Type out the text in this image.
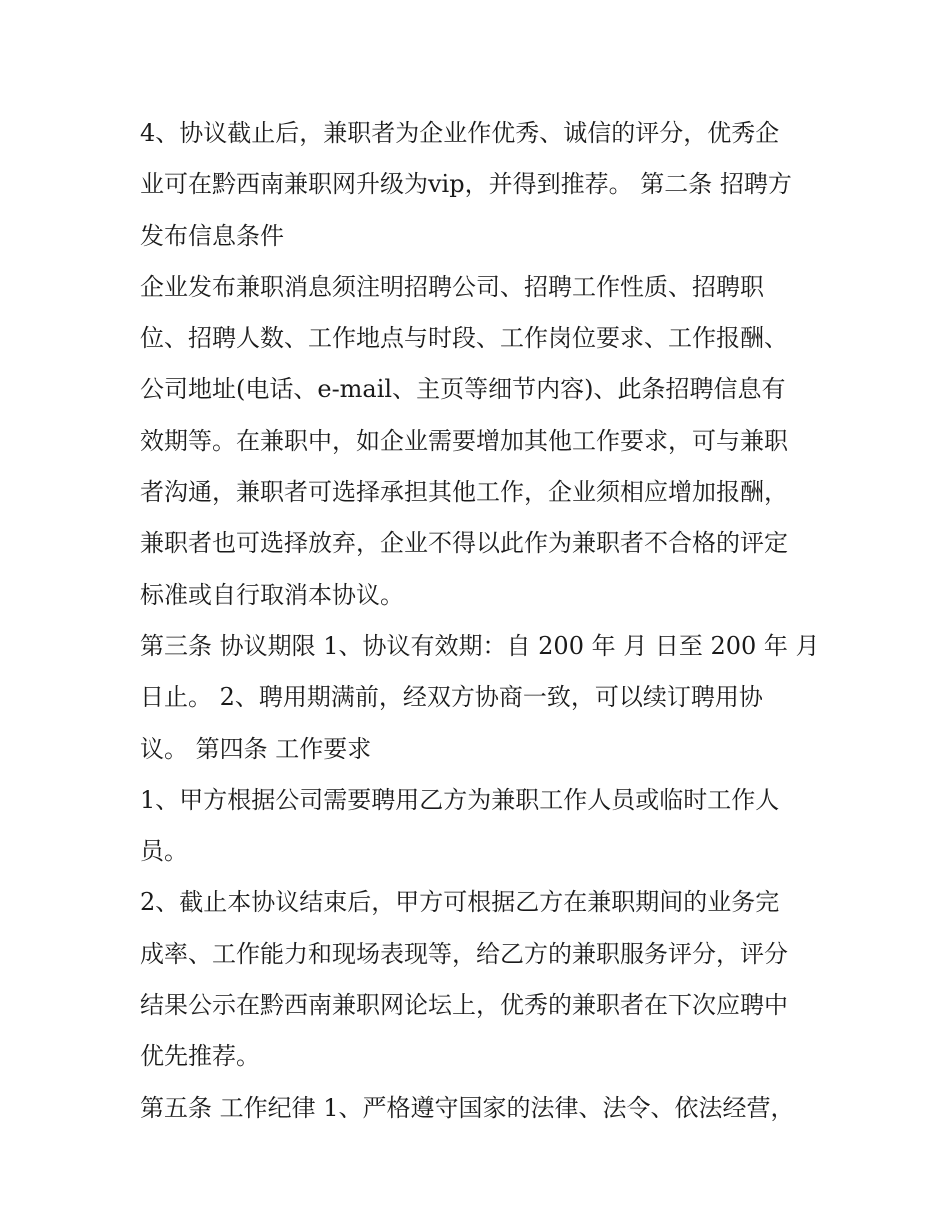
4、协议截止后，兼职者为企业作优秀、诚信的评分，优秀企
业可在黔西南兼职网升级为vip，并得到推荐。 第二条 招聘方
发布信息条件
企业发布兼职消息须注明招聘公司、招聘工作性质、招聘职
位、招聘人数、工作地点与时段、工作岗位要求、工作报酬、
公司地址(电话、e-mail、主页等细节内容)、此条招聘信息有
效期等。在兼职中，如企业需要增加其他工作要求，可与兼职
者沟通，兼职者可选择承担其他工作，企业须相应增加报酬，
兼职者也可选择放弃，企业不得以此作为兼职者不合格的评定
标准或自行取消本协议。
第三条 协议期限 1、协议有效期：自 200 年 月 日至 200 年 月
日止。 2、聘用期满前，经双方协商一致，可以续订聘用协
议。 第四条 工作要求
1、甲方根据公司需要聘用乙方为兼职工作人员或临时工作人
员。
2、截止本协议结束后，甲方可根据乙方在兼职期间的业务完
成率、工作能力和现场表现等，给乙方的兼职服务评分，评分
结果公示在黔西南兼职网论坛上，优秀的兼职者在下次应聘中
优先推荐。
第五条 工作纪律 1、严格遵守国家的法律、法令、依法经营，
